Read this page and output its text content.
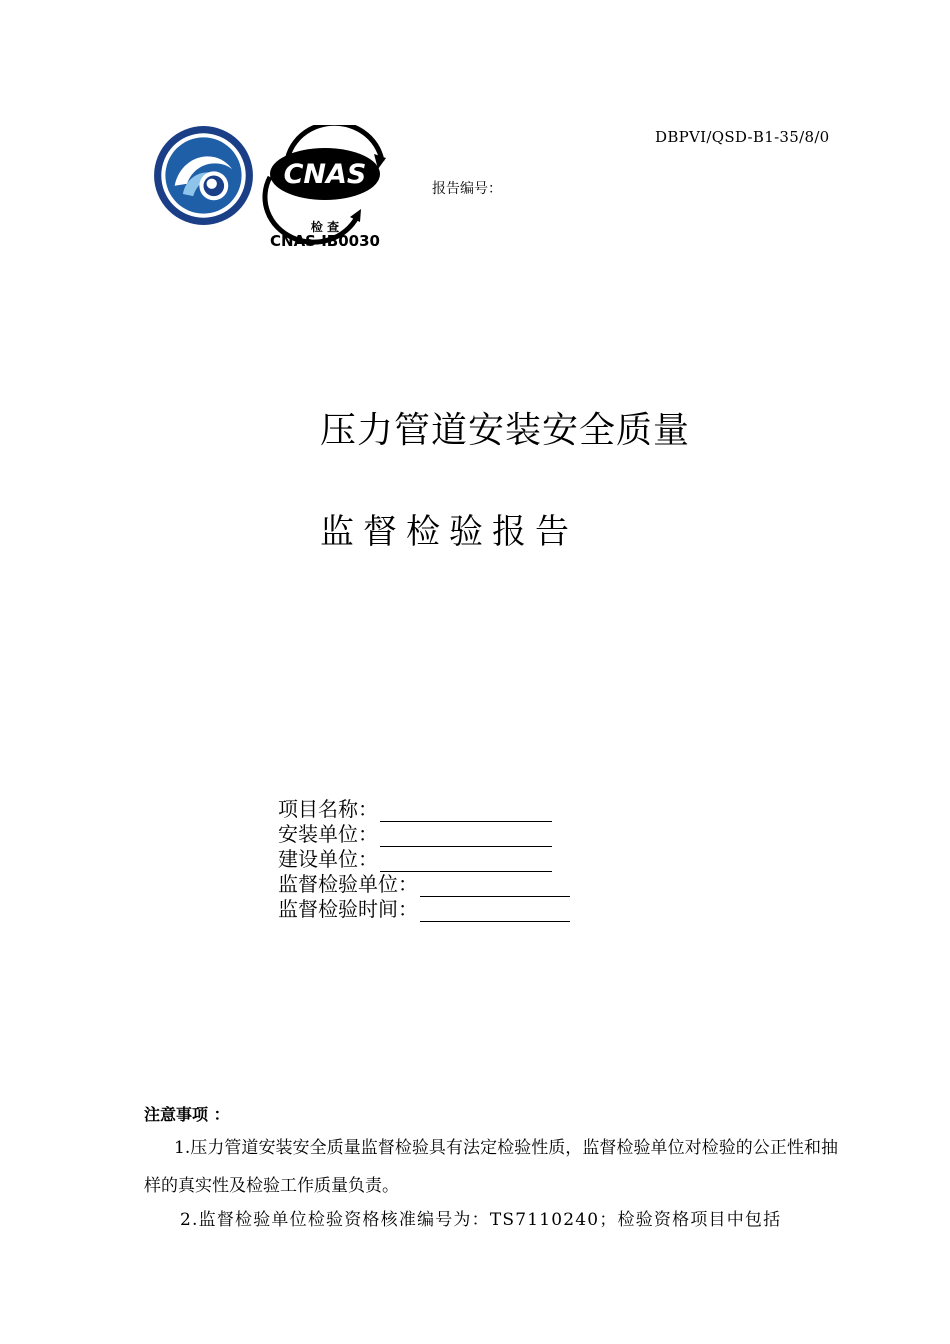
DBPVI/QSD-B1-35/8/0
CNAS
检 查
CNAS IB0030
报告编号：
压力管道安装安全质量
监督检验报告
项目名称：
安装单位：
建设单位：
监督检验单位：
监督检验时间：
注意事项 ：
1.压力管道安装安全质量监督检验具有法定检验性质，监督检验单位对检验的公正性和抽样的真实性及检验工作质量负责。
2.监督检验单位检验资格核准编号为：TS7110240；检验资格项目中包括
